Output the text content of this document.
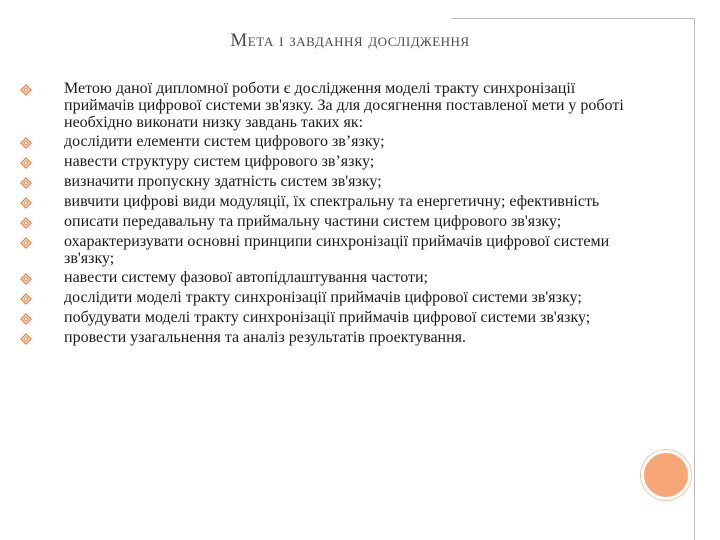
Мета і завдання дослідження
Метою даної дипломної роботи є дослідження моделі тракту синхронізації приймачів цифрової системи зв'язку. За для досягнення поставленої мети у роботі необхідно виконати низку завдань таких як:
дослідити елементи систем цифрового зв’язку;
навести структуру систем цифрового зв’язку;
визначити пропускну здатність систем зв'язку;
вивчити цифрові види модуляції, їх спектральну та енергетичну; ефективність
описати передавальну та приймальну частини систем цифрового зв'язку;
охарактеризувати основні принципи синхронізації приймачів цифрової системи зв'язку;
навести систему фазової автопідлаштування частоти;
дослідити моделі тракту синхронізації приймачів цифрової системи зв'язку;
побудувати моделі тракту синхронізації приймачів цифрової системи зв'язку;
провести узагальнення та аналіз результатів проектування.
